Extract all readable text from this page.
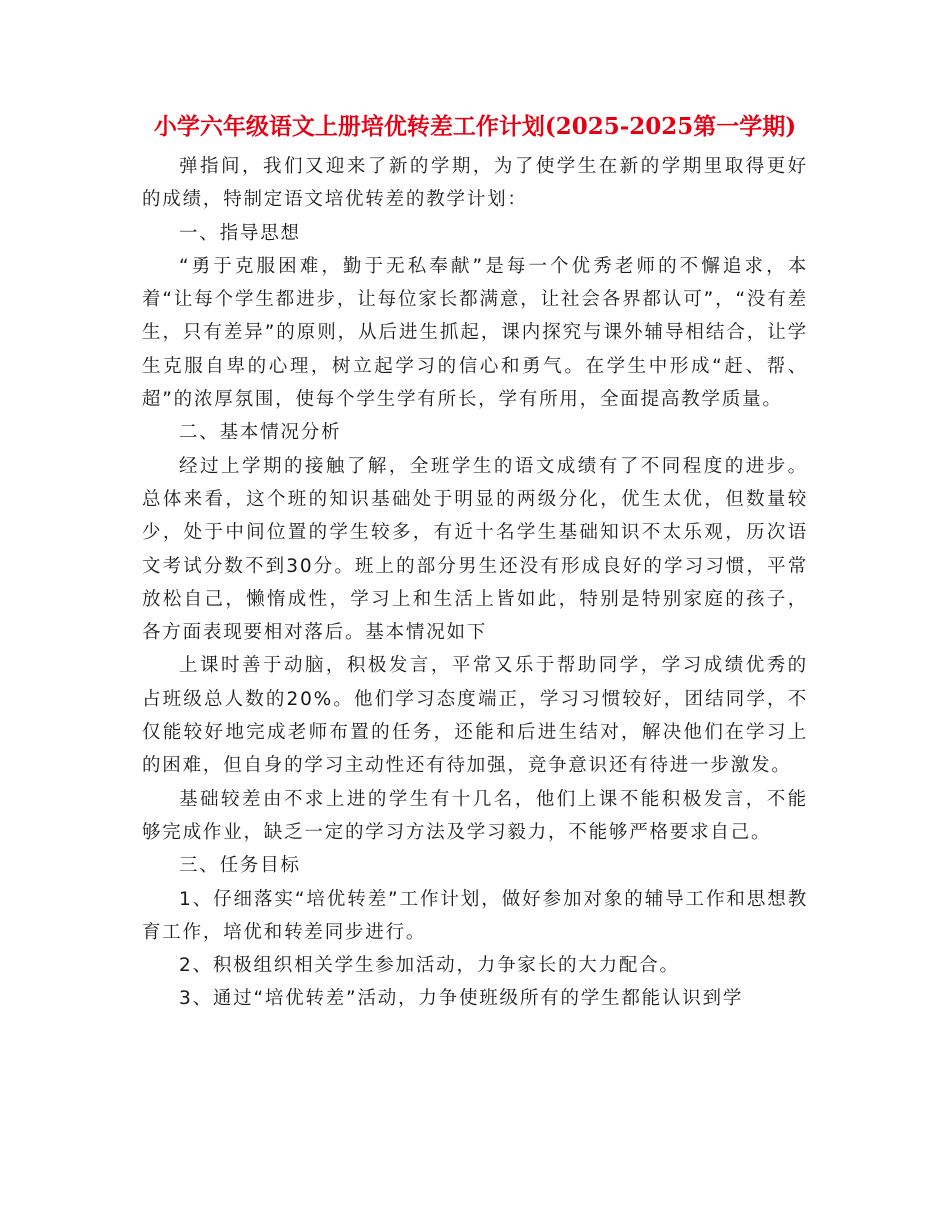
小学六年级语文上册培优转差工作计划(2025-2025第一学期)

弹指间，我们又迎来了新的学期，为了使学生在新的学期里取得更好的成绩，特制定语文培优转差的教学计划：

一、指导思想

“勇于克服困难，勤于无私奉献”是每一个优秀老师的不懈追求，本着“让每个学生都进步，让每位家长都满意，让社会各界都认可”，“没有差生，只有差异”的原则，从后进生抓起，课内探究与课外辅导相结合，让学生克服自卑的心理，树立起学习的信心和勇气。在学生中形成“赶、帮、超”的浓厚氛围，使每个学生学有所长，学有所用，全面提高教学质量。

二、基本情况分析

经过上学期的接触了解，全班学生的语文成绩有了不同程度的进步。总体来看，这个班的知识基础处于明显的两级分化，优生太优，但数量较少，处于中间位置的学生较多，有近十名学生基础知识不太乐观，历次语文考试分数不到30分。班上的部分男生还没有形成良好的学习习惯，平常放松自己，懒惰成性，学习上和生活上皆如此，特别是特别家庭的孩子，各方面表现要相对落后。基本情况如下

上课时善于动脑，积极发言，平常又乐于帮助同学，学习成绩优秀的占班级总人数的20%。他们学习态度端正，学习习惯较好，团结同学，不仅能较好地完成老师布置的任务，还能和后进生结对，解决他们在学习上的困难，但自身的学习主动性还有待加强，竞争意识还有待进一步激发。

基础较差由不求上进的学生有十几名，他们上课不能积极发言，不能够完成作业，缺乏一定的学习方法及学习毅力，不能够严格要求自己。

三、任务目标

1、仔细落实“培优转差”工作计划，做好参加对象的辅导工作和思想教育工作，培优和转差同步进行。

2、积极组织相关学生参加活动，力争家长的大力配合。

3、通过“培优转差”活动，力争使班级所有的学生都能认识到学
